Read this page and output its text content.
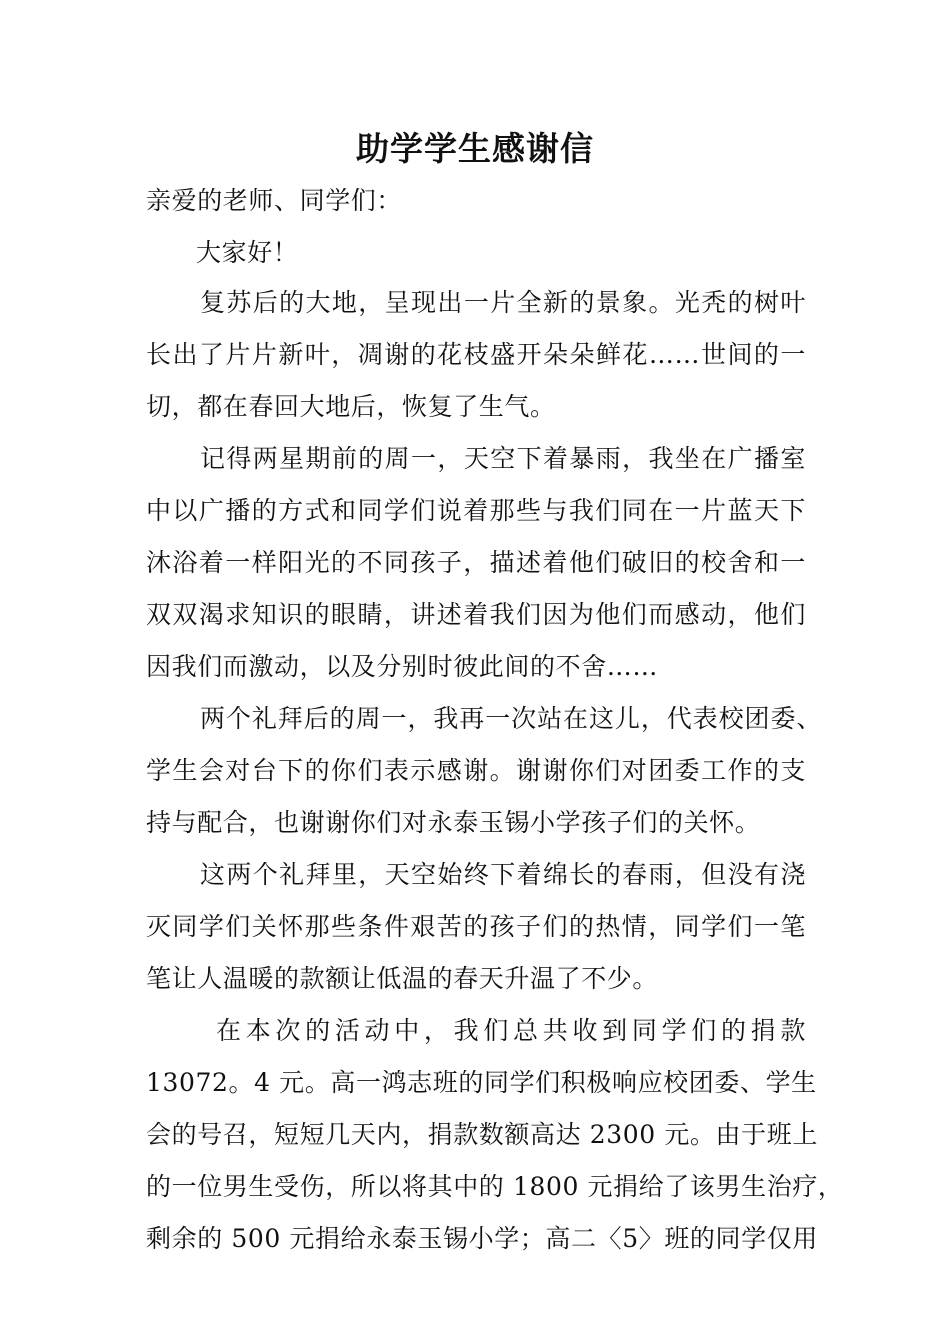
助学学生感谢信
亲爱的老师、同学们：
大家好！
复苏后的大地，呈现出一片全新的景象。光秃的树叶
长出了片片新叶，凋谢的花枝盛开朵朵鲜花……世间的一
切，都在春回大地后，恢复了生气。
记得两星期前的周一，天空下着暴雨，我坐在广播室
中以广播的方式和同学们说着那些与我们同在一片蓝天下
沐浴着一样阳光的不同孩子，描述着他们破旧的校舍和一
双双渴求知识的眼睛，讲述着我们因为他们而感动，他们
因我们而激动，以及分别时彼此间的不舍……
两个礼拜后的周一，我再一次站在这儿，代表校团委、
学生会对台下的你们表示感谢。谢谢你们对团委工作的支
持与配合，也谢谢你们对永泰玉锡小学孩子们的关怀。
这两个礼拜里，天空始终下着绵长的春雨，但没有浇
灭同学们关怀那些条件艰苦的孩子们的热情，同学们一笔
笔让人温暖的款额让低温的春天升温了不少。
在本次的活动中，我们总共收到同学们的捐款
13072。4 元。高一鸿志班的同学们积极响应校团委、学生
会的号召，短短几天内，捐款数额高达 2300 元。由于班上
的一位男生受伤，所以将其中的 1800 元捐给了该男生治疗，
剩余的 500 元捐给永泰玉锡小学；高二〈5〉班的同学仅用
